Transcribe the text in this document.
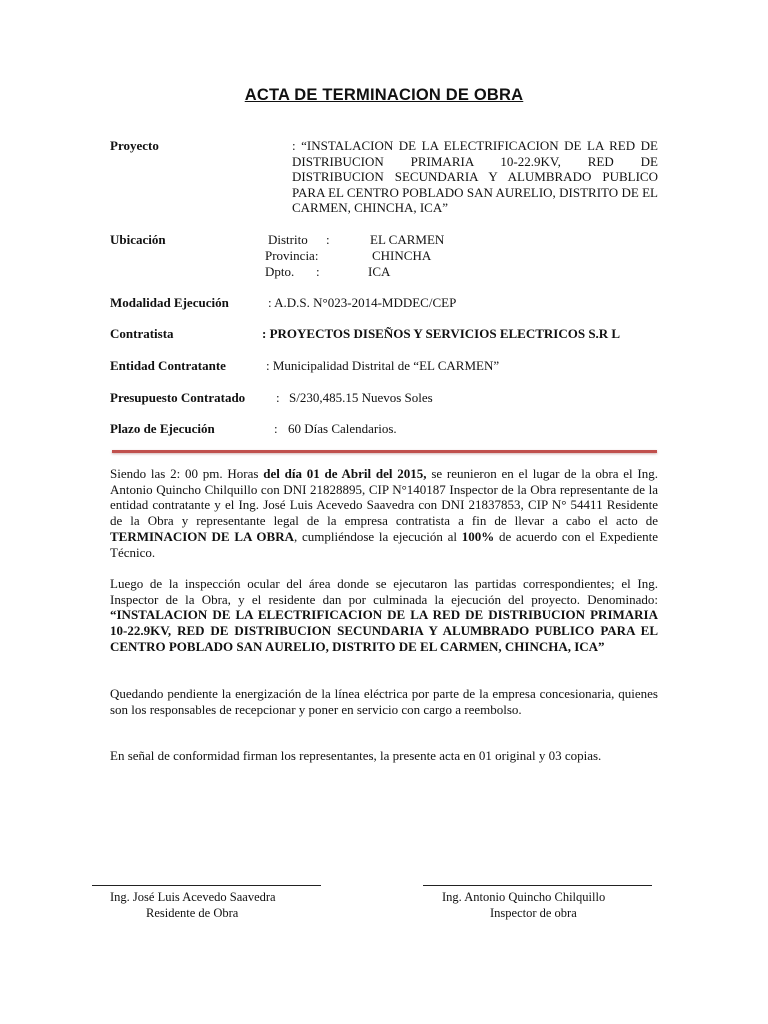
ACTA DE TERMINACION DE OBRA
Proyecto	: “INSTALACION DE LA ELECTRIFICACION DE LA RED DE DISTRIBUCION PRIMARIA 10-22.9KV, RED DE DISTRIBUCION SECUNDARIA Y ALUMBRADO PUBLICO PARA EL CENTRO POBLADO SAN AURELIO, DISTRITO DE EL CARMEN, CHINCHA, ICA”
Ubicación	Distrito :	EL CARMEN
Provincia:	CHINCHA
Dpto. :	ICA
Modalidad Ejecución	: A.D.S. N°023-2014-MDDEC/CEP
Contratista	: PROYECTOS DISEÑOS Y SERVICIOS ELECTRICOS S.R L
Entidad Contratante	: Municipalidad Distrital de “EL CARMEN”
Presupuesto Contratado : S/230,485.15 Nuevos Soles
Plazo de Ejecución	: 60 Días Calendarios.
Siendo las 2: 00 pm. Horas del día 01 de Abril del 2015, se reunieron en el lugar de la obra el Ing. Antonio Quincho Chilquillo con DNI 21828895, CIP N°140187 Inspector de la Obra representante de la entidad contratante y el Ing. José Luis Acevedo Saavedra con DNI 21837853, CIP N° 54411 Residente de la Obra y representante legal de la empresa contratista a fin de llevar a cabo el acto de TERMINACION DE LA OBRA, cumpliéndose la ejecución al 100% de acuerdo con el Expediente Técnico.
Luego de la inspección ocular del área donde se ejecutaron las partidas correspondientes; el Ing. Inspector de la Obra, y el residente dan por culminada la ejecución del proyecto. Denominado: “INSTALACION DE LA ELECTRIFICACION DE LA RED DE DISTRIBUCION PRIMARIA 10-22.9KV, RED DE DISTRIBUCION SECUNDARIA Y ALUMBRADO PUBLICO PARA EL CENTRO POBLADO SAN AURELIO, DISTRITO DE EL CARMEN, CHINCHA, ICA”
Quedando pendiente la energización de la línea eléctrica por parte de la empresa concesionaria, quienes son los responsables de recepcionar y poner en servicio con cargo a reembolso.
En señal de conformidad firman los representantes, la presente acta en 01 original y 03 copias.
Ing. José Luis Acevedo Saavedra
Residente de Obra
Ing. Antonio Quincho Chilquillo
Inspector de obra
